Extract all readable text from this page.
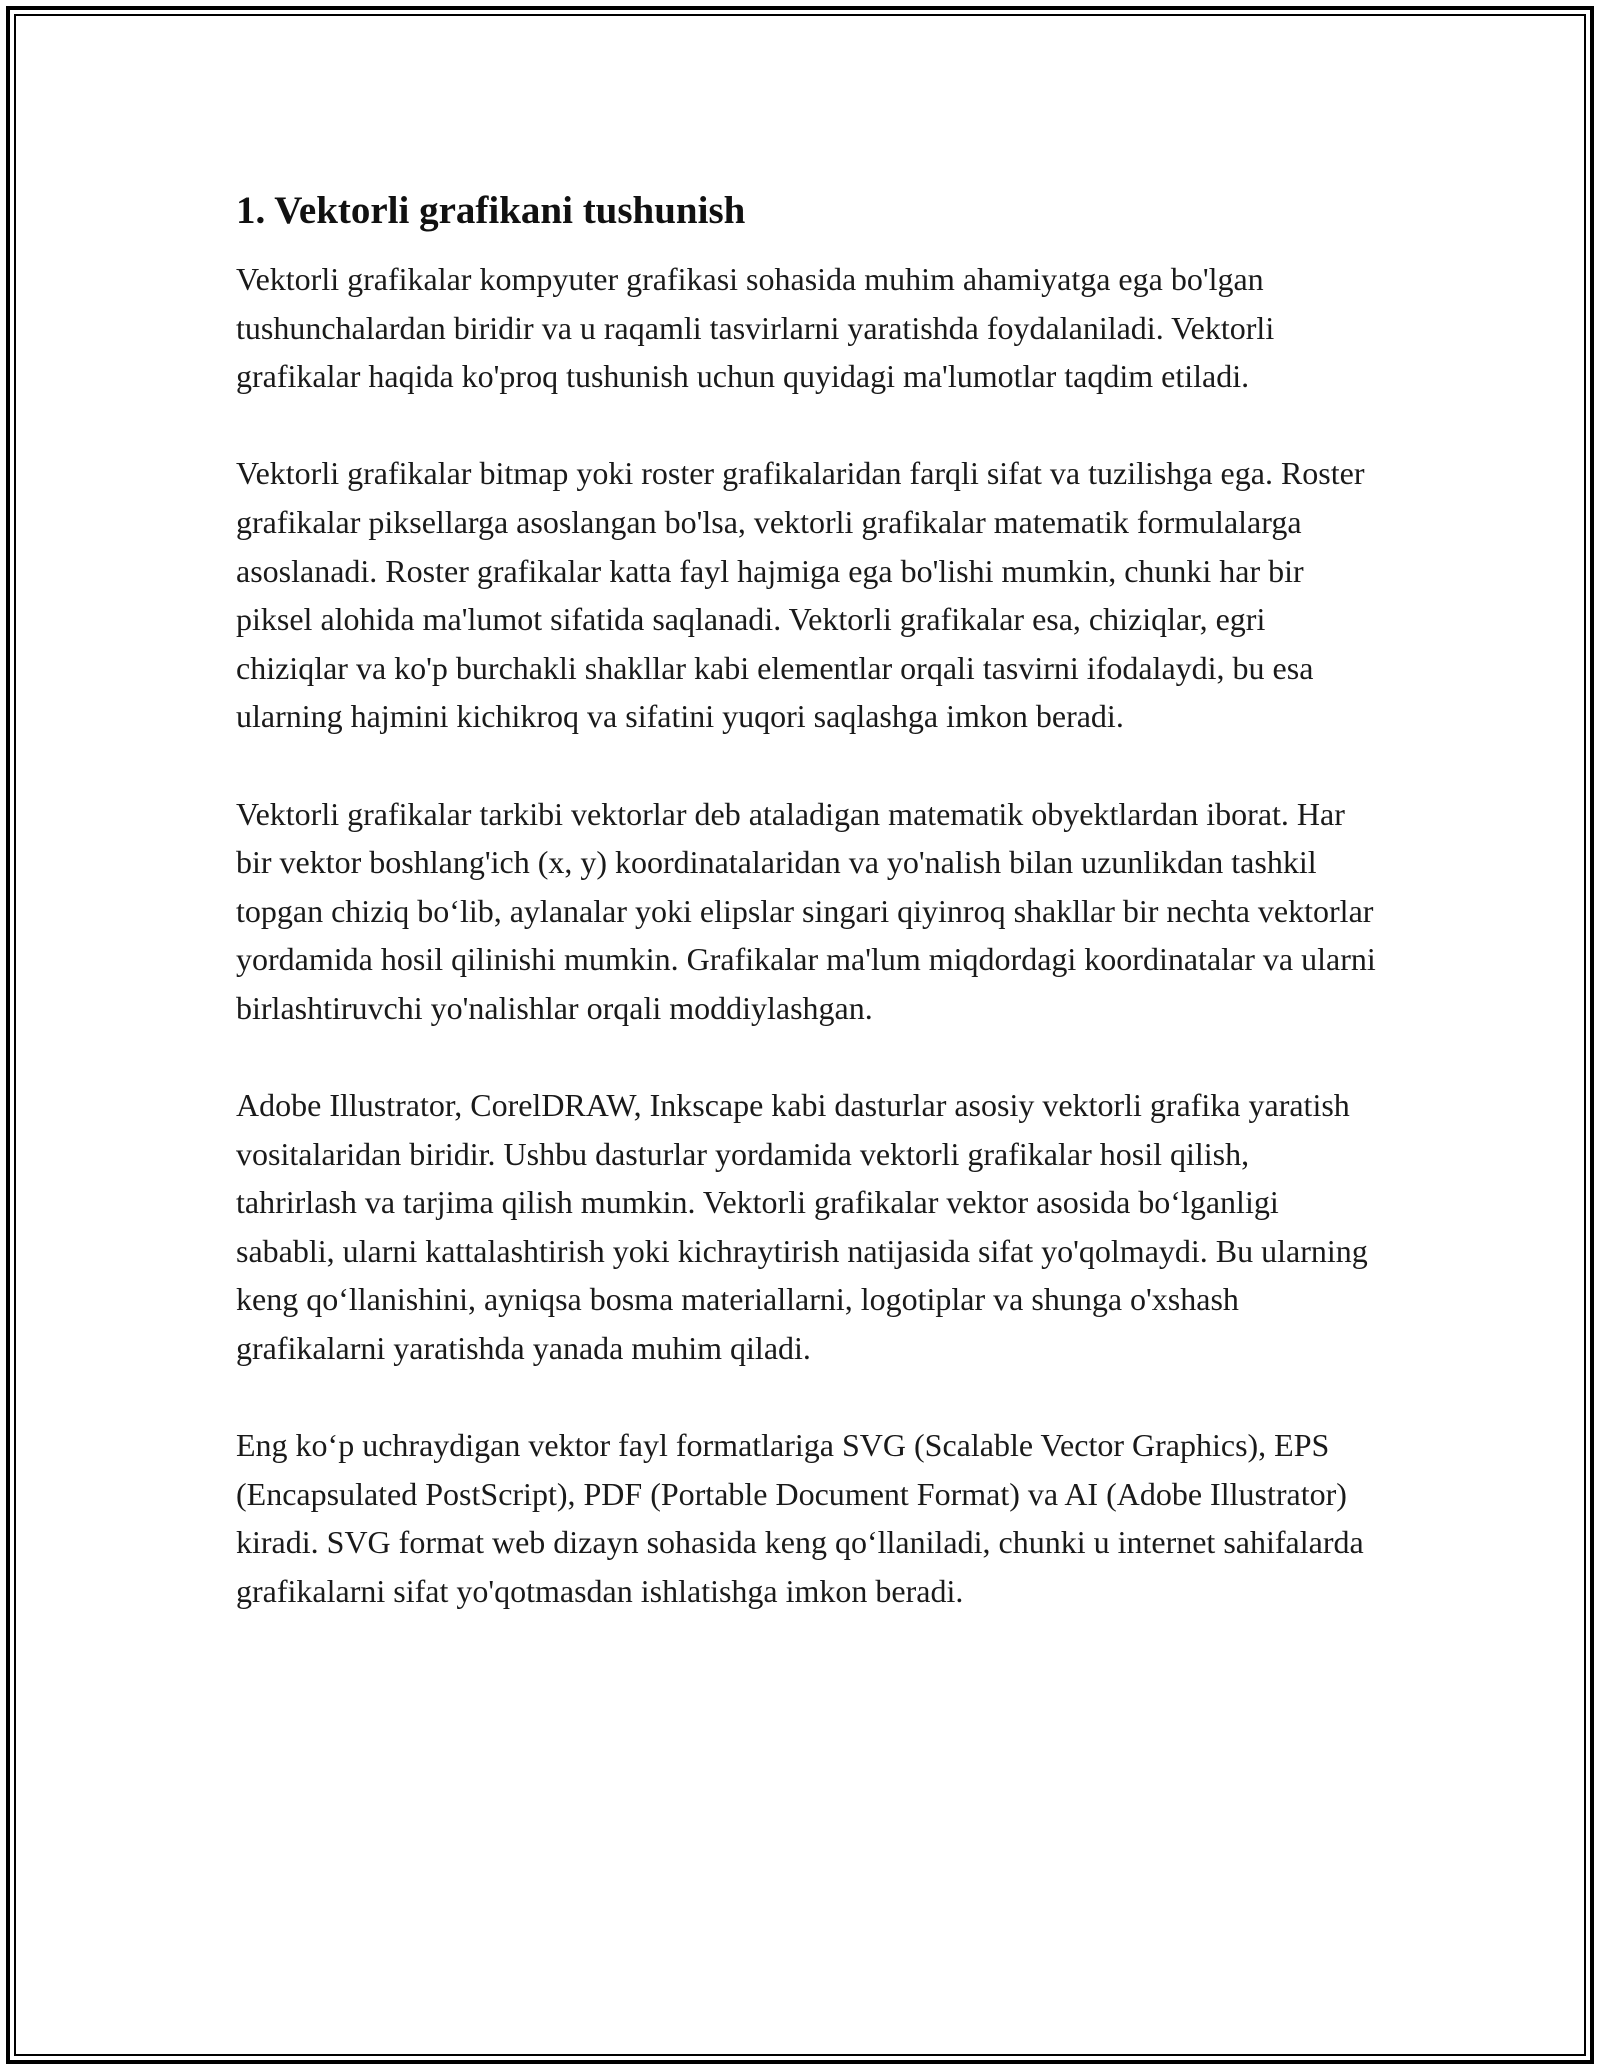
1. Vektorli grafikani tushunish

Vektorli grafikalar kompyuter grafikasi sohasida muhim ahamiyatga ega bo'lgan tushunchalardan biridir va u raqamli tasvirlarni yaratishda foydalaniladi. Vektorli grafikalar haqida ko'proq tushunish uchun quyidagi ma'lumotlar taqdim etiladi.

Vektorli grafikalar bitmap yoki roster grafikalaridan farqli sifat va tuzilishga ega. Roster grafikalar piksellarga asoslangan bo'lsa, vektorli grafikalar matematik formulalarga asoslanadi. Roster grafikalar katta fayl hajmiga ega bo'lishi mumkin, chunki har bir piksel alohida ma'lumot sifatida saqlanadi. Vektorli grafikalar esa, chiziqlar, egri chiziqlar va ko'p burchakli shakllar kabi elementlar orqali tasvirni ifodalaydi, bu esa ularning hajmini kichikroq va sifatini yuqori saqlashga imkon beradi.

Vektorli grafikalar tarkibi vektorlar deb ataladigan matematik obyektlardan iborat. Har bir vektor boshlang'ich (x, y) koordinatalaridan va yo'nalish bilan uzunlikdan tashkil topgan chiziq bo‘lib, aylanalar yoki elipslar singari qiyinroq shakllar bir nechta vektorlar yordamida hosil qilinishi mumkin. Grafikalar ma'lum miqdordagi koordinatalar va ularni birlashtiruvchi yo'nalishlar orqali moddiylashgan.

Adobe Illustrator, CorelDRAW, Inkscape kabi dasturlar asosiy vektorli grafika yaratish vositalaridan biridir. Ushbu dasturlar yordamida vektorli grafikalar hosil qilish, tahrirlash va tarjima qilish mumkin. Vektorli grafikalar vektor asosida bo‘lganligi sababli, ularni kattalashtirish yoki kichraytirish natijasida sifat yo'qolmaydi. Bu ularning keng qo‘llanishini, ayniqsa bosma materiallarni, logotiplar va shunga o'xshash grafikalarni yaratishda yanada muhim qiladi.

Eng ko‘p uchraydigan vektor fayl formatlariga SVG (Scalable Vector Graphics), EPS (Encapsulated PostScript), PDF (Portable Document Format) va AI (Adobe Illustrator) kiradi. SVG format web dizayn sohasida keng qo‘llaniladi, chunki u internet sahifalarda grafikalarni sifat yo'qotmasdan ishlatishga imkon beradi.
